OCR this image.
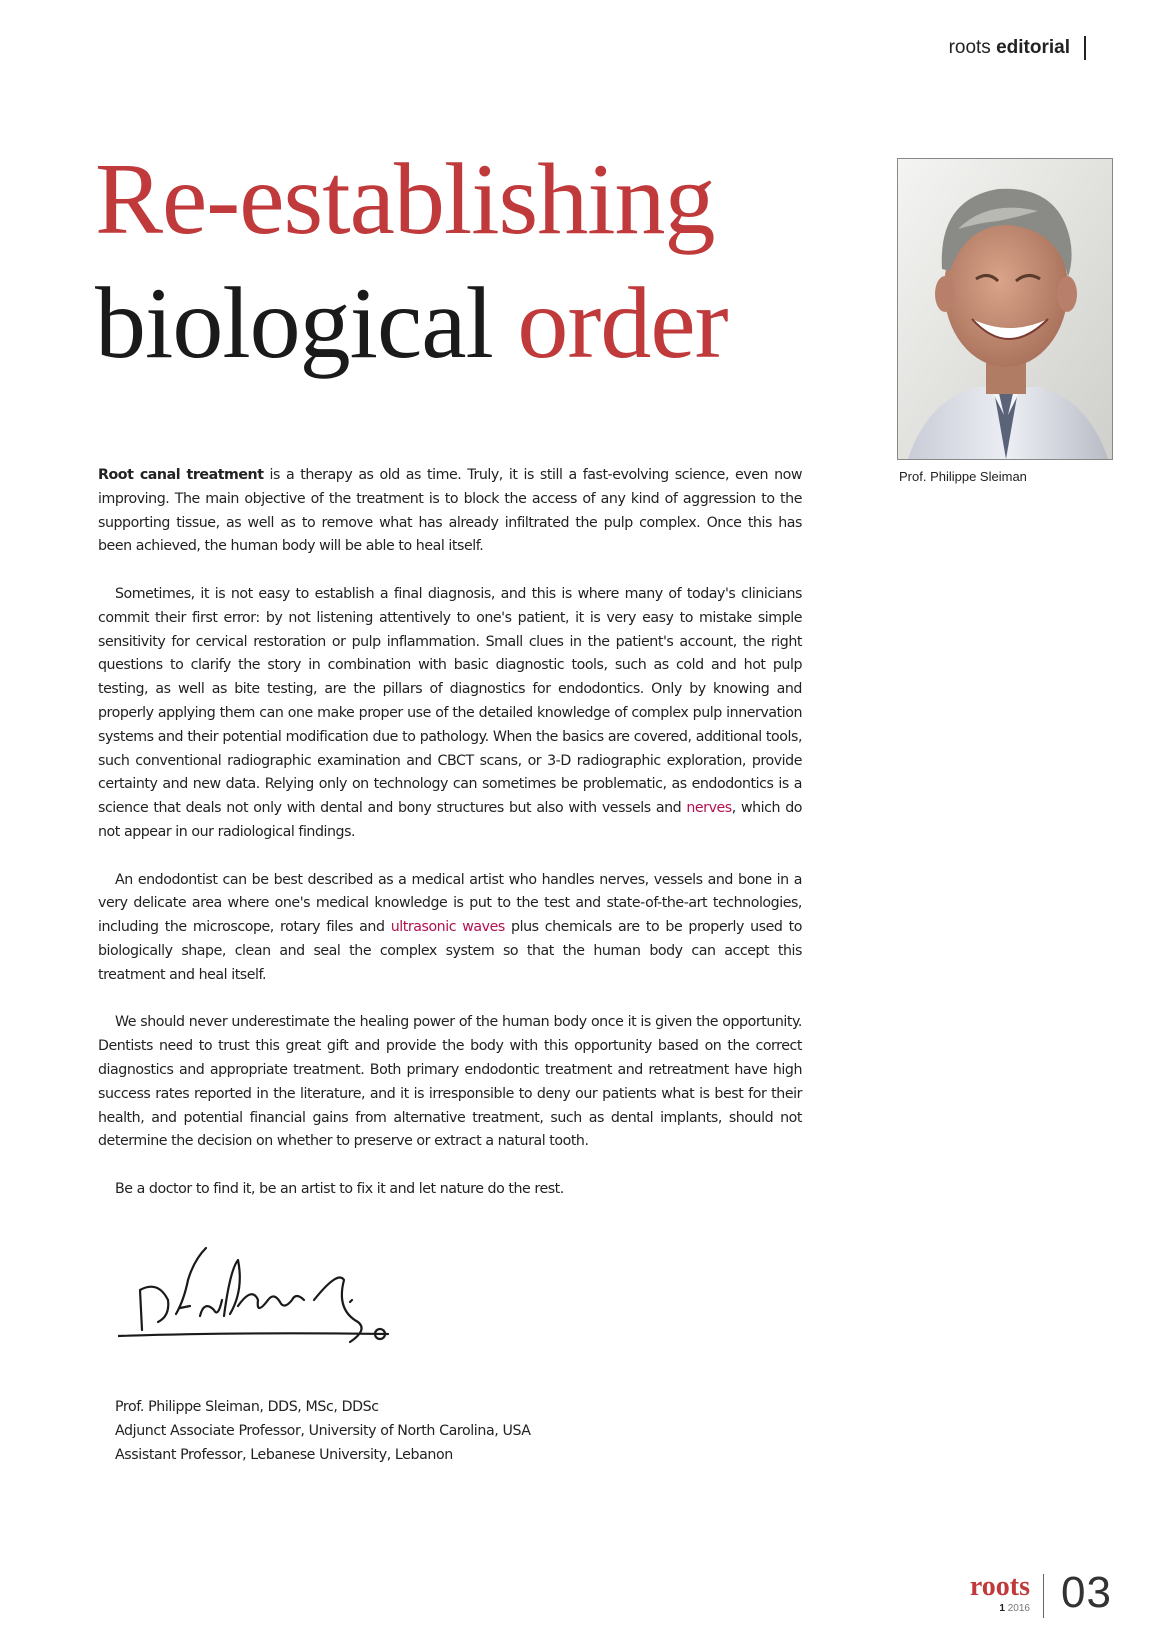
roots editorial
Re-establishing
biological order
Prof. Philippe Sleiman

Root canal treatment is a therapy as old as time. Truly, it is still a fast-evolving science, even now improving. The main objective of the treatment is to block the access of any kind of aggression to the supporting tissue, as well as to remove what has already infiltrated the pulp complex. Once this has been achieved, the human body will be able to heal itself.

Sometimes, it is not easy to establish a final diagnosis, and this is where many of today's clinicians commit their first error: by not listening attentively to one's patient, it is very easy to mistake simple sensitivity for cervical restoration or pulp inflammation. Small clues in the patient's account, the right questions to clarify the story in combination with basic diagnostic tools, such as cold and hot pulp testing, as well as bite testing, are the pillars of diagnostics for endodontics. Only by knowing and properly applying them can one make proper use of the detailed knowledge of complex pulp innervation systems and their potential modification due to pathology. When the basics are covered, additional tools, such conventional radiographic examination and CBCT scans, or 3-D radiographic exploration, provide certainty and new data. Relying only on technology can sometimes be problematic, as endodontics is a science that deals not only with dental and bony structures but also with vessels and nerves, which do not appear in our radiological findings.

An endodontist can be best described as a medical artist who handles nerves, vessels and bone in a very delicate area where one's medical knowledge is put to the test and state-of-the-art technologies, including the microscope, rotary files and ultrasonic waves plus chemicals are to be properly used to biologically shape, clean and seal the complex system so that the human body can accept this treatment and heal itself.

We should never underestimate the healing power of the human body once it is given the opportunity. Dentists need to trust this great gift and provide the body with this opportunity based on the correct diagnostics and appropriate treatment. Both primary endodontic treatment and retreatment have high success rates reported in the literature, and it is irresponsible to deny our patients what is best for their health, and potential financial gains from alternative treatment, such as dental implants, should not determine the decision on whether to preserve or extract a natural tooth.

Be a doctor to find it, be an artist to fix it and let nature do the rest.

Prof. Philippe Sleiman, DDS, MSc, DDSc
Adjunct Associate Professor, University of North Carolina, USA
Assistant Professor, Lebanese University, Lebanon
roots
1 2016 03
